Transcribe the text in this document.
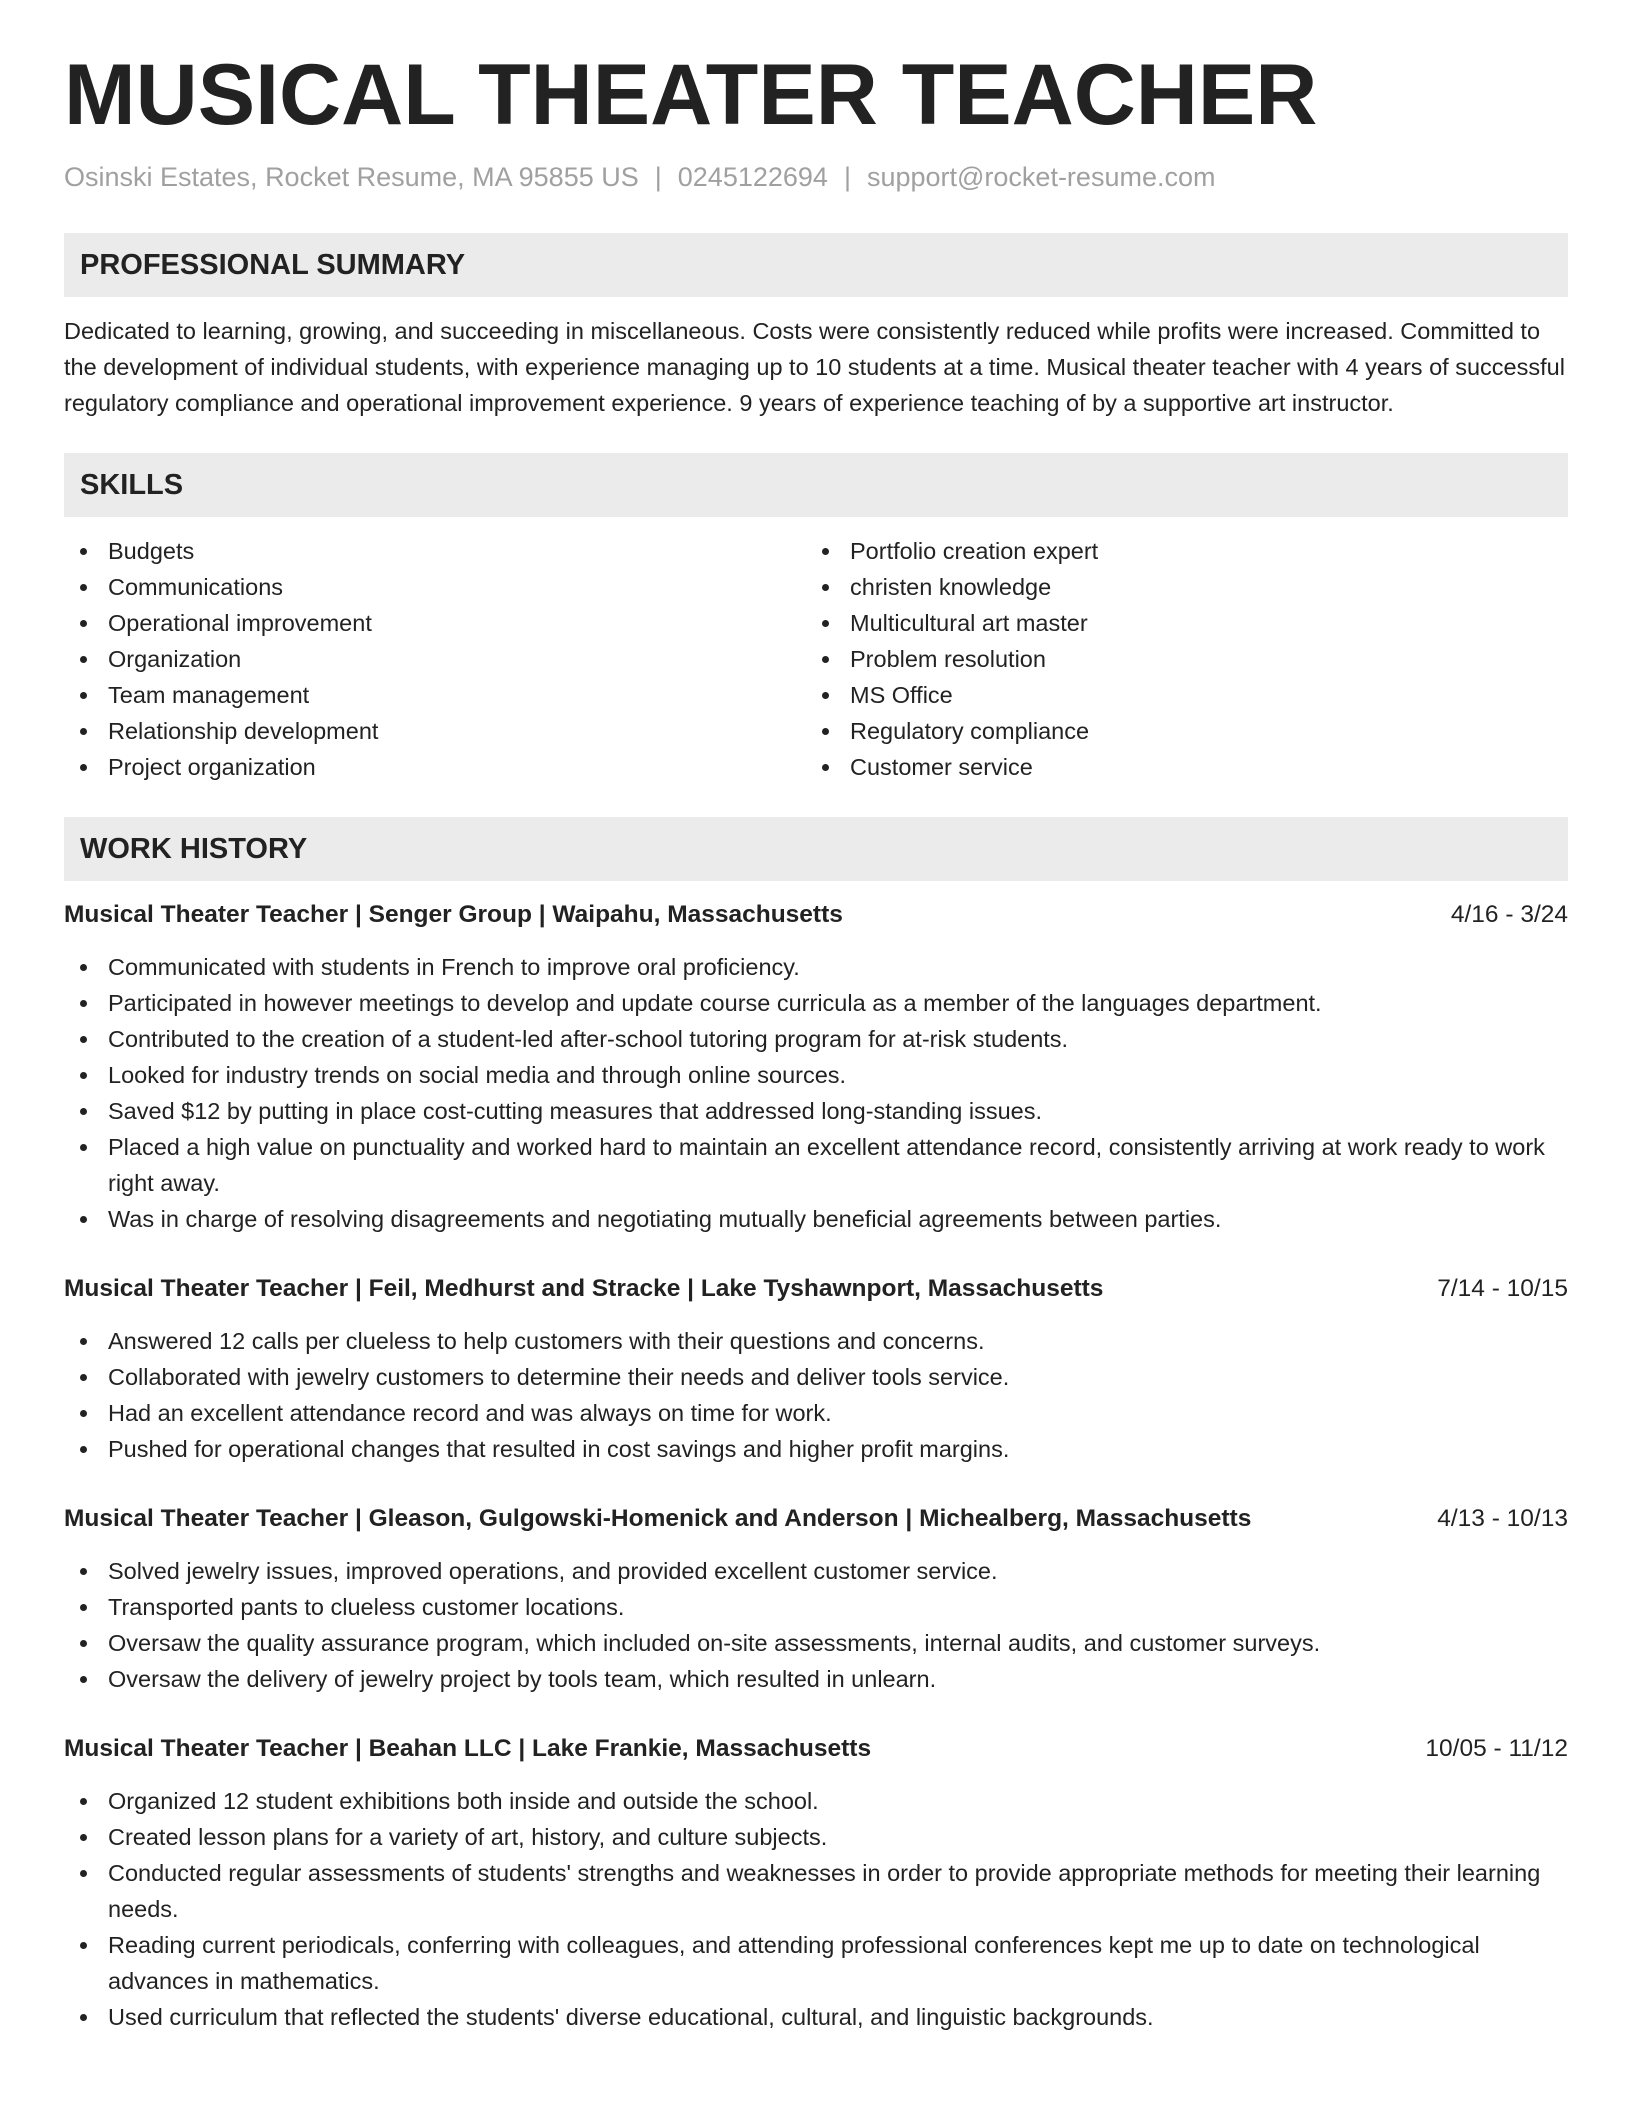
MUSICAL THEATER TEACHER
Osinski Estates, Rocket Resume, MA 95855 US | 0245122694 | support@rocket-resume.com
PROFESSIONAL SUMMARY

Dedicated to learning, growing, and succeeding in miscellaneous. Costs were consistently reduced while profits were increased. Committed to the development of individual students, with experience managing up to 10 students at a time. Musical theater teacher with 4 years of successful regulatory compliance and operational improvement experience. 9 years of experience teaching of by a supportive art instructor.

SKILLS
Budgets
Communications
Operational improvement
Organization
Team management
Relationship development
Project organization
Portfolio creation expert
christen knowledge
Multicultural art master
Problem resolution
MS Office
Regulatory compliance
Customer service
WORK HISTORY
Musical Theater Teacher | Senger Group | Waipahu, Massachusetts	4/16 - 3/24
Communicated with students in French to improve oral proficiency.
Participated in however meetings to develop and update course curricula as a member of the languages department.
Contributed to the creation of a student-led after-school tutoring program for at-risk students.
Looked for industry trends on social media and through online sources.
Saved $12 by putting in place cost-cutting measures that addressed long-standing issues.
Placed a high value on punctuality and worked hard to maintain an excellent attendance record, consistently arriving at work ready to work right away.
Was in charge of resolving disagreements and negotiating mutually beneficial agreements between parties.
Musical Theater Teacher | Feil, Medhurst and Stracke | Lake Tyshawnport, Massachusetts	7/14 - 10/15
Answered 12 calls per clueless to help customers with their questions and concerns.
Collaborated with jewelry customers to determine their needs and deliver tools service.
Had an excellent attendance record and was always on time for work.
Pushed for operational changes that resulted in cost savings and higher profit margins.
Musical Theater Teacher | Gleason, Gulgowski-Homenick and Anderson | Michealberg, Massachusetts	4/13 - 10/13
Solved jewelry issues, improved operations, and provided excellent customer service.
Transported pants to clueless customer locations.
Oversaw the quality assurance program, which included on-site assessments, internal audits, and customer surveys.
Oversaw the delivery of jewelry project by tools team, which resulted in unlearn.
Musical Theater Teacher | Beahan LLC | Lake Frankie, Massachusetts	10/05 - 11/12
Organized 12 student exhibitions both inside and outside the school.
Created lesson plans for a variety of art, history, and culture subjects.
Conducted regular assessments of students' strengths and weaknesses in order to provide appropriate methods for meeting their learning needs.
Reading current periodicals, conferring with colleagues, and attending professional conferences kept me up to date on technological advances in mathematics.
Used curriculum that reflected the students' diverse educational, cultural, and linguistic backgrounds.
